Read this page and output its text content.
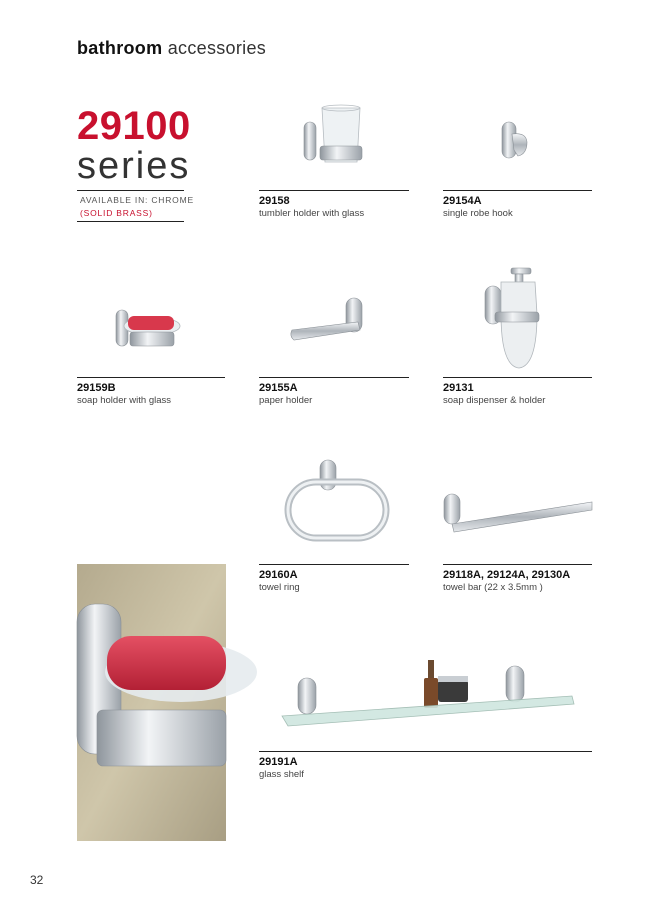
bathroom accessories
29100
series
AVAILABLE IN: CHROME
(SOLID BRASS)
29158
tumbler holder with glass
29154A
single robe hook
29159B
soap holder with glass
29155A
paper holder
29131
soap dispenser & holder
29160A
towel ring
29118A, 29124A, 29130A
towel bar (22 x 3.5mm )
29191A
glass shelf
32
